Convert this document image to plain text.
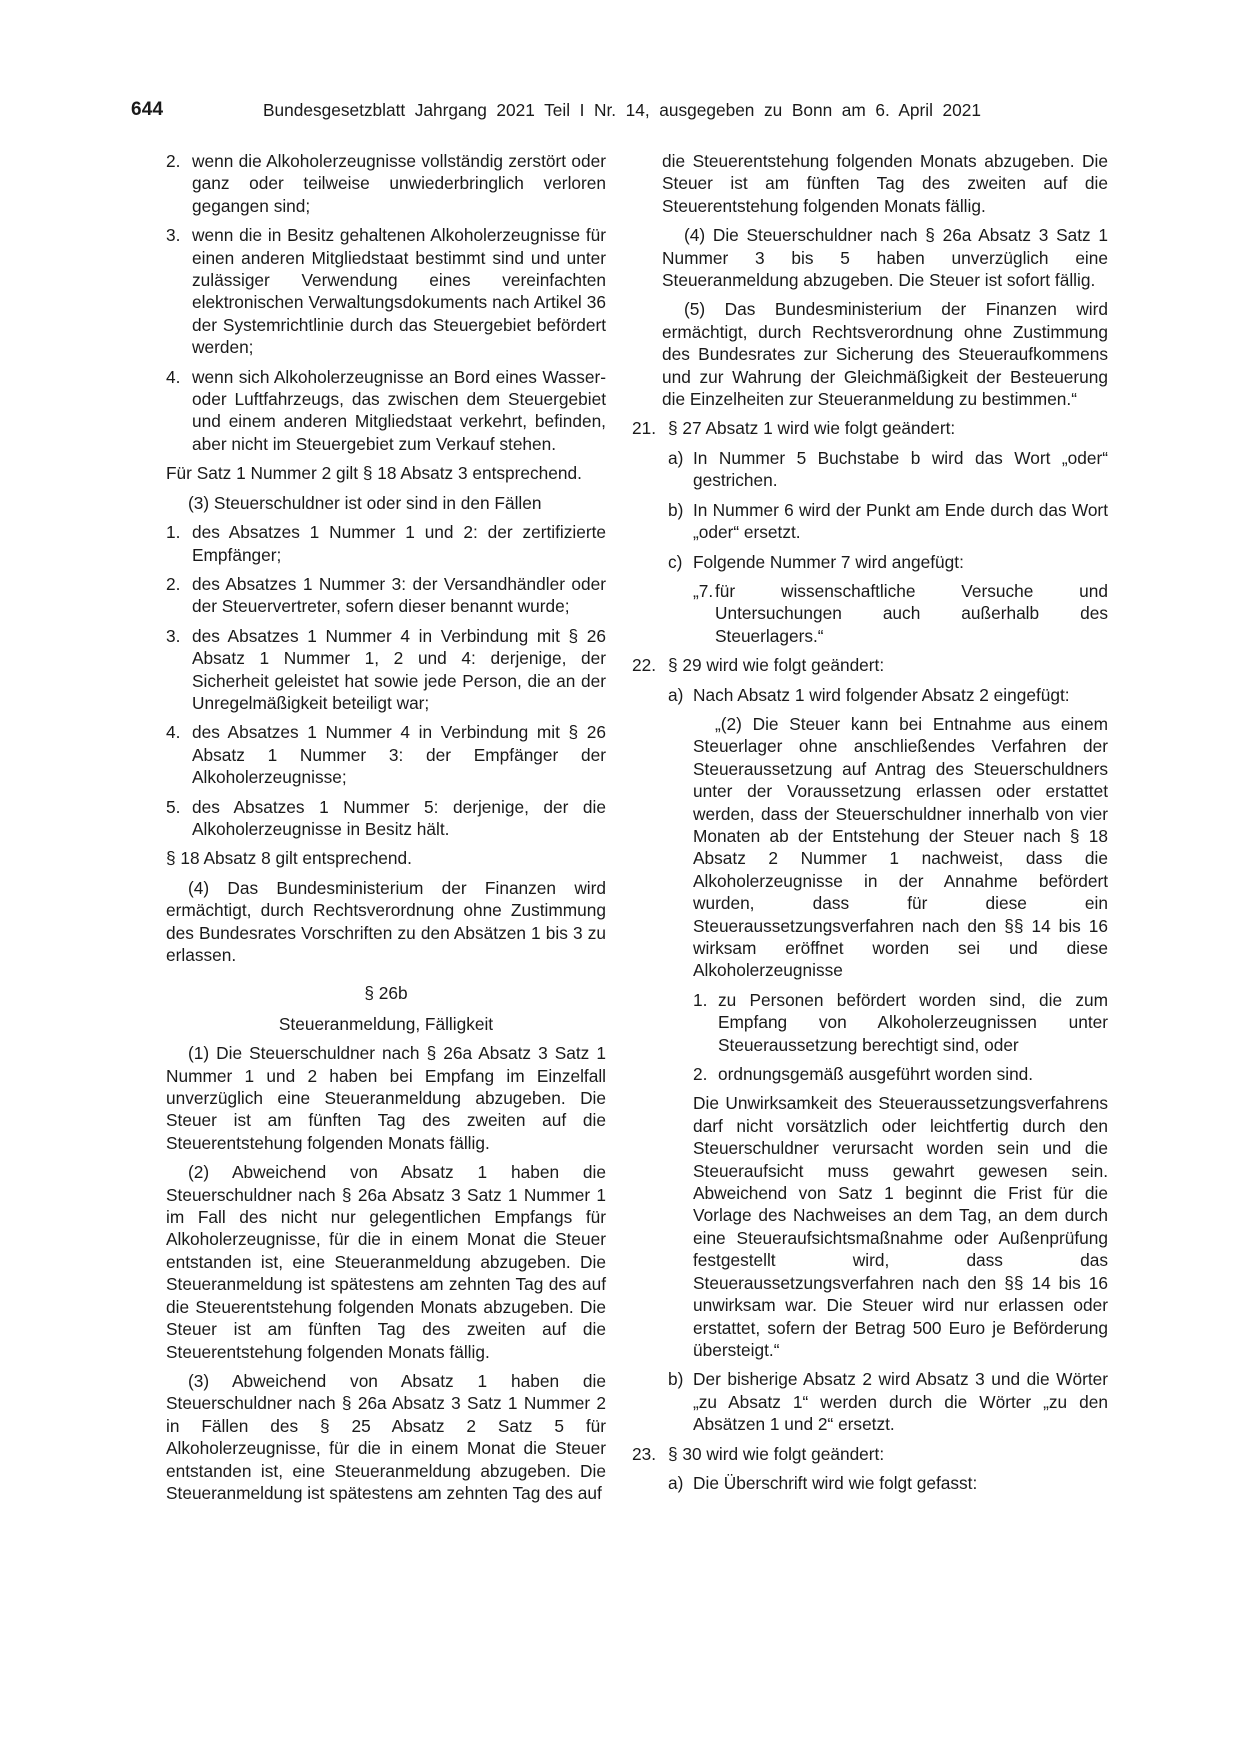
644	Bundesgesetzblatt Jahrgang 2021 Teil I Nr. 14, ausgegeben zu Bonn am 6. April 2021
2. wenn die Alkoholerzeugnisse vollständig zerstört oder ganz oder teilweise unwiederbringlich verloren gegangen sind;
3. wenn die in Besitz gehaltenen Alkoholerzeugnisse für einen anderen Mitgliedstaat bestimmt sind und unter zulässiger Verwendung eines vereinfachten elektronischen Verwaltungsdokuments nach Artikel 36 der Systemrichtlinie durch das Steuergebiet befördert werden;
4. wenn sich Alkoholerzeugnisse an Bord eines Wasser- oder Luftfahrzeugs, das zwischen dem Steuergebiet und einem anderen Mitgliedstaat verkehrt, befinden, aber nicht im Steuergebiet zum Verkauf stehen.

Für Satz 1 Nummer 2 gilt § 18 Absatz 3 entsprechend.

(3) Steuerschuldner ist oder sind in den Fällen

1. des Absatzes 1 Nummer 1 und 2: der zertifizierte Empfänger;
2. des Absatzes 1 Nummer 3: der Versandhändler oder der Steuervertreter, sofern dieser benannt wurde;
3. des Absatzes 1 Nummer 4 in Verbindung mit § 26 Absatz 1 Nummer 1, 2 und 4: derjenige, der Sicherheit geleistet hat sowie jede Person, die an der Unregelmäßigkeit beteiligt war;
4. des Absatzes 1 Nummer 4 in Verbindung mit § 26 Absatz 1 Nummer 3: der Empfänger der Alkoholerzeugnisse;
5. des Absatzes 1 Nummer 5: derjenige, der die Alkoholerzeugnisse in Besitz hält.

§ 18 Absatz 8 gilt entsprechend.

(4) Das Bundesministerium der Finanzen wird ermächtigt, durch Rechtsverordnung ohne Zustimmung des Bundesrates Vorschriften zu den Absätzen 1 bis 3 zu erlassen.

§ 26b

Steueranmeldung, Fälligkeit

(1) Die Steuerschuldner nach § 26a Absatz 3 Satz 1 Nummer 1 und 2 haben bei Empfang im Einzelfall unverzüglich eine Steueranmeldung abzugeben. Die Steuer ist am fünften Tag des zweiten auf die Steuerentstehung folgenden Monats fällig.

(2) Abweichend von Absatz 1 haben die Steuerschuldner nach § 26a Absatz 3 Satz 1 Nummer 1 im Fall des nicht nur gelegentlichen Empfangs für Alkoholerzeugnisse, für die in einem Monat die Steuer entstanden ist, eine Steueranmeldung abzugeben. Die Steueranmeldung ist spätestens am zehnten Tag des auf die Steuerentstehung folgenden Monats abzugeben. Die Steuer ist am fünften Tag des zweiten auf die Steuerentstehung folgenden Monats fällig.

(3) Abweichend von Absatz 1 haben die Steuerschuldner nach § 26a Absatz 3 Satz 1 Nummer 2 in Fällen des § 25 Absatz 2 Satz 5 für Alkoholerzeugnisse, für die in einem Monat die Steuer entstanden ist, eine Steueranmeldung abzugeben. Die Steueranmeldung ist spätestens am zehnten Tag des auf

die Steuerentstehung folgenden Monats abzugeben. Die Steuer ist am fünften Tag des zweiten auf die Steuerentstehung folgenden Monats fällig.

(4) Die Steuerschuldner nach § 26a Absatz 3 Satz 1 Nummer 3 bis 5 haben unverzüglich eine Steueranmeldung abzugeben. Die Steuer ist sofort fällig.

(5) Das Bundesministerium der Finanzen wird ermächtigt, durch Rechtsverordnung ohne Zustimmung des Bundesrates zur Sicherung des Steueraufkommens und zur Wahrung der Gleichmäßigkeit der Besteuerung die Einzelheiten zur Steueranmeldung zu bestimmen.“

21. § 27 Absatz 1 wird wie folgt geändert:
a) In Nummer 5 Buchstabe b wird das Wort „oder“ gestrichen.
b) In Nummer 6 wird der Punkt am Ende durch das Wort „oder“ ersetzt.
c) Folgende Nummer 7 wird angefügt:
„7. für wissenschaftliche Versuche und Untersuchungen auch außerhalb des Steuerlagers.“
22. § 29 wird wie folgt geändert:
a) Nach Absatz 1 wird folgender Absatz 2 eingefügt:

„(2) Die Steuer kann bei Entnahme aus einem Steuerlager ohne anschließendes Verfahren der Steueraussetzung auf Antrag des Steuerschuldners unter der Voraussetzung erlassen oder erstattet werden, dass der Steuerschuldner innerhalb von vier Monaten ab der Entstehung der Steuer nach § 18 Absatz 2 Nummer 1 nachweist, dass die Alkoholerzeugnisse in der Annahme befördert wurden, dass für diese ein Steueraussetzungsverfahren nach den §§ 14 bis 16 wirksam eröffnet worden sei und diese Alkoholerzeugnisse

1. zu Personen befördert worden sind, die zum Empfang von Alkoholerzeugnissen unter Steueraussetzung berechtigt sind, oder
2. ordnungsgemäß ausgeführt worden sind.

Die Unwirksamkeit des Steueraussetzungsverfahrens darf nicht vorsätzlich oder leichtfertig durch den Steuerschuldner verursacht worden sein und die Steueraufsicht muss gewahrt gewesen sein. Abweichend von Satz 1 beginnt die Frist für die Vorlage des Nachweises an dem Tag, an dem durch eine Steueraufsichtsmaßnahme oder Außenprüfung festgestellt wird, dass das Steueraussetzungsverfahren nach den §§ 14 bis 16 unwirksam war. Die Steuer wird nur erlassen oder erstattet, sofern der Betrag 500 Euro je Beförderung übersteigt.“

b) Der bisherige Absatz 2 wird Absatz 3 und die Wörter „zu Absatz 1“ werden durch die Wörter „zu den Absätzen 1 und 2“ ersetzt.
23. § 30 wird wie folgt geändert:
a) Die Überschrift wird wie folgt gefasst:
